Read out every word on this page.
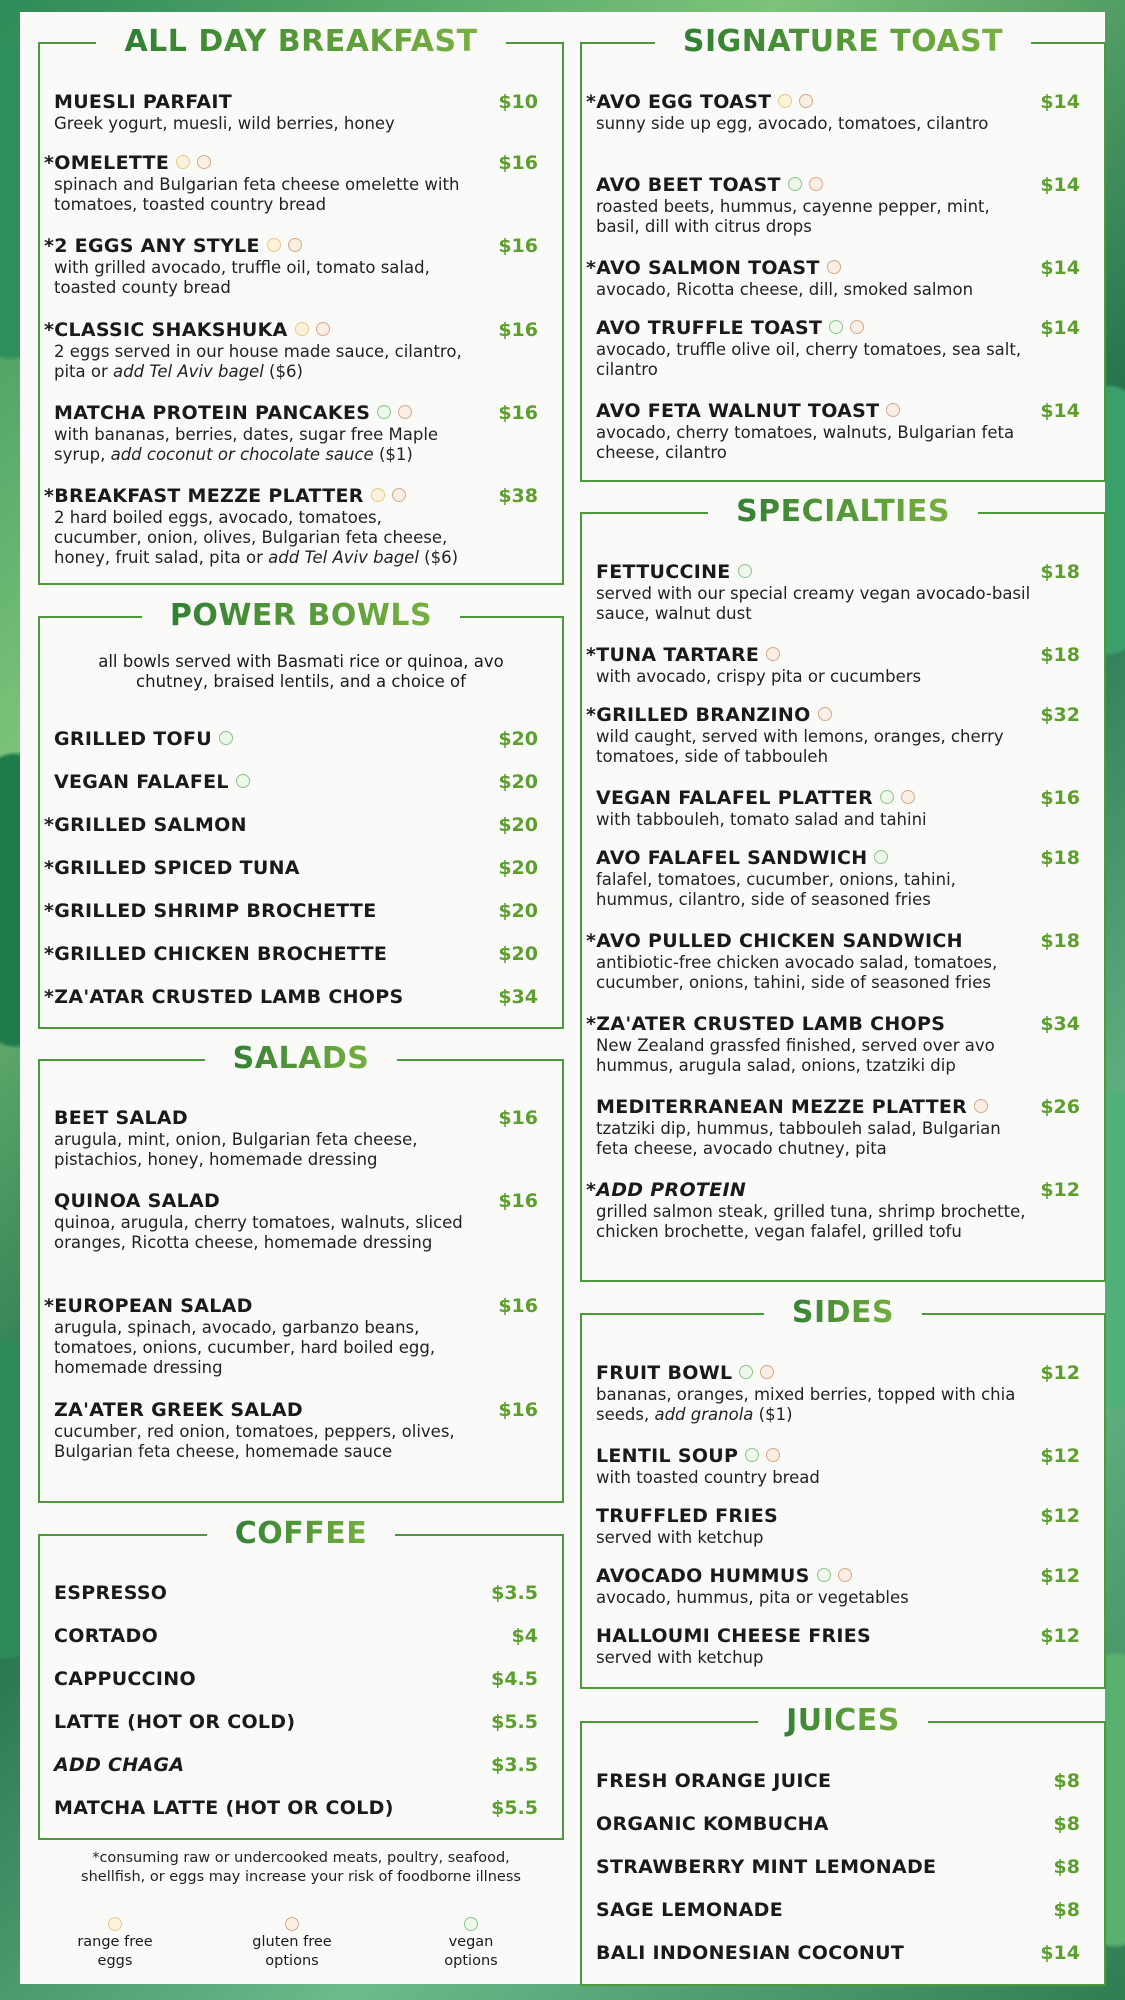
ALL DAY BREAKFAST
MUESLI PARFAIT	$10
Greek yogurt, muesli, wild berries, honey
*OMELETTE	$16
spinach and Bulgarian feta cheese omelette with tomatoes, toasted country bread
*2 EGGS ANY STYLE	$16
with grilled avocado, truffle oil, tomato salad, toasted county bread
*CLASSIC SHAKSHUKA	$16
2 eggs served in our house made sauce, cilantro, pita or add Tel Aviv bagel ($6)
MATCHA PROTEIN PANCAKES	$16
with bananas, berries, dates, sugar free Maple syrup, add coconut or chocolate sauce ($1)
*BREAKFAST MEZZE PLATTER	$38
2 hard boiled eggs, avocado, tomatoes, cucumber, onion, olives, Bulgarian feta cheese, honey, fruit salad, pita or add Tel Aviv bagel ($6)
POWER BOWLS
all bowls served with Basmati rice or quinoa, avo chutney, braised lentils, and a choice of
GRILLED TOFU	$20
VEGAN FALAFEL	$20
*GRILLED SALMON	$20
*GRILLED SPICED TUNA	$20
*GRILLED SHRIMP BROCHETTE	$20
*GRILLED CHICKEN BROCHETTE	$20
*ZA'ATAR CRUSTED LAMB CHOPS	$34
SALADS
BEET SALAD	$16
arugula, mint, onion, Bulgarian feta cheese, pistachios, honey, homemade dressing
QUINOA SALAD	$16
quinoa, arugula, cherry tomatoes, walnuts, sliced oranges, Ricotta cheese, homemade dressing
*EUROPEAN SALAD	$16
arugula, spinach, avocado, garbanzo beans, tomatoes, onions, cucumber, hard boiled egg, homemade dressing
ZA'ATER GREEK SALAD	$16
cucumber, red onion, tomatoes, peppers, olives, Bulgarian feta cheese, homemade sauce
COFFEE
ESPRESSO	$3.5
CORTADO	$4
CAPPUCCINO	$4.5
LATTE (HOT OR COLD)	$5.5
ADD CHAGA	$3.5
MATCHA LATTE (HOT OR COLD)	$5.5
*consuming raw or undercooked meats, poultry, seafood,
shellfish, or eggs may increase your risk of foodborne illness
range free
eggs
gluten free
options
vegan
options
SIGNATURE TOAST
*AVO EGG TOAST	$14
sunny side up egg, avocado, tomatoes, cilantro
AVO BEET TOAST	$14
roasted beets, hummus, cayenne pepper, mint, basil, dill with citrus drops
*AVO SALMON TOAST	$14
avocado, Ricotta cheese, dill, smoked salmon
AVO TRUFFLE TOAST	$14
avocado, truffle olive oil, cherry tomatoes, sea salt, cilantro
AVO FETA WALNUT TOAST	$14
avocado, cherry tomatoes, walnuts, Bulgarian feta cheese, cilantro
SPECIALTIES
FETTUCCINE	$18
served with our special creamy vegan avocado-basil sauce, walnut dust
*TUNA TARTARE	$18
with avocado, crispy pita or cucumbers
*GRILLED BRANZINO	$32
wild caught, served with lemons, oranges, cherry tomatoes, side of tabbouleh
VEGAN FALAFEL PLATTER	$16
with tabbouleh, tomato salad and tahini
AVO FALAFEL SANDWICH	$18
falafel, tomatoes, cucumber, onions, tahini, hummus, cilantro, side of seasoned fries
*AVO PULLED CHICKEN SANDWICH	$18
antibiotic-free chicken avocado salad, tomatoes, cucumber, onions, tahini, side of seasoned fries
*ZA'ATER CRUSTED LAMB CHOPS	$34
New Zealand grassfed finished, served over avo hummus, arugula salad, onions, tzatziki dip
MEDITERRANEAN MEZZE PLATTER	$26
tzatziki dip, hummus, tabbouleh salad, Bulgarian feta cheese, avocado chutney, pita
*ADD PROTEIN	$12
grilled salmon steak, grilled tuna, shrimp brochette, chicken brochette, vegan falafel, grilled tofu
SIDES
FRUIT BOWL	$12
bananas, oranges, mixed berries, topped with chia seeds, add granola ($1)
LENTIL SOUP	$12
with toasted country bread
TRUFFLED FRIES	$12
served with ketchup
AVOCADO HUMMUS	$12
avocado, hummus, pita or vegetables
HALLOUMI CHEESE FRIES	$12
served with ketchup
JUICES
FRESH ORANGE JUICE	$8
ORGANIC KOMBUCHA	$8
STRAWBERRY MINT LEMONADE	$8
SAGE LEMONADE	$8
BALI INDONESIAN COCONUT	$14
